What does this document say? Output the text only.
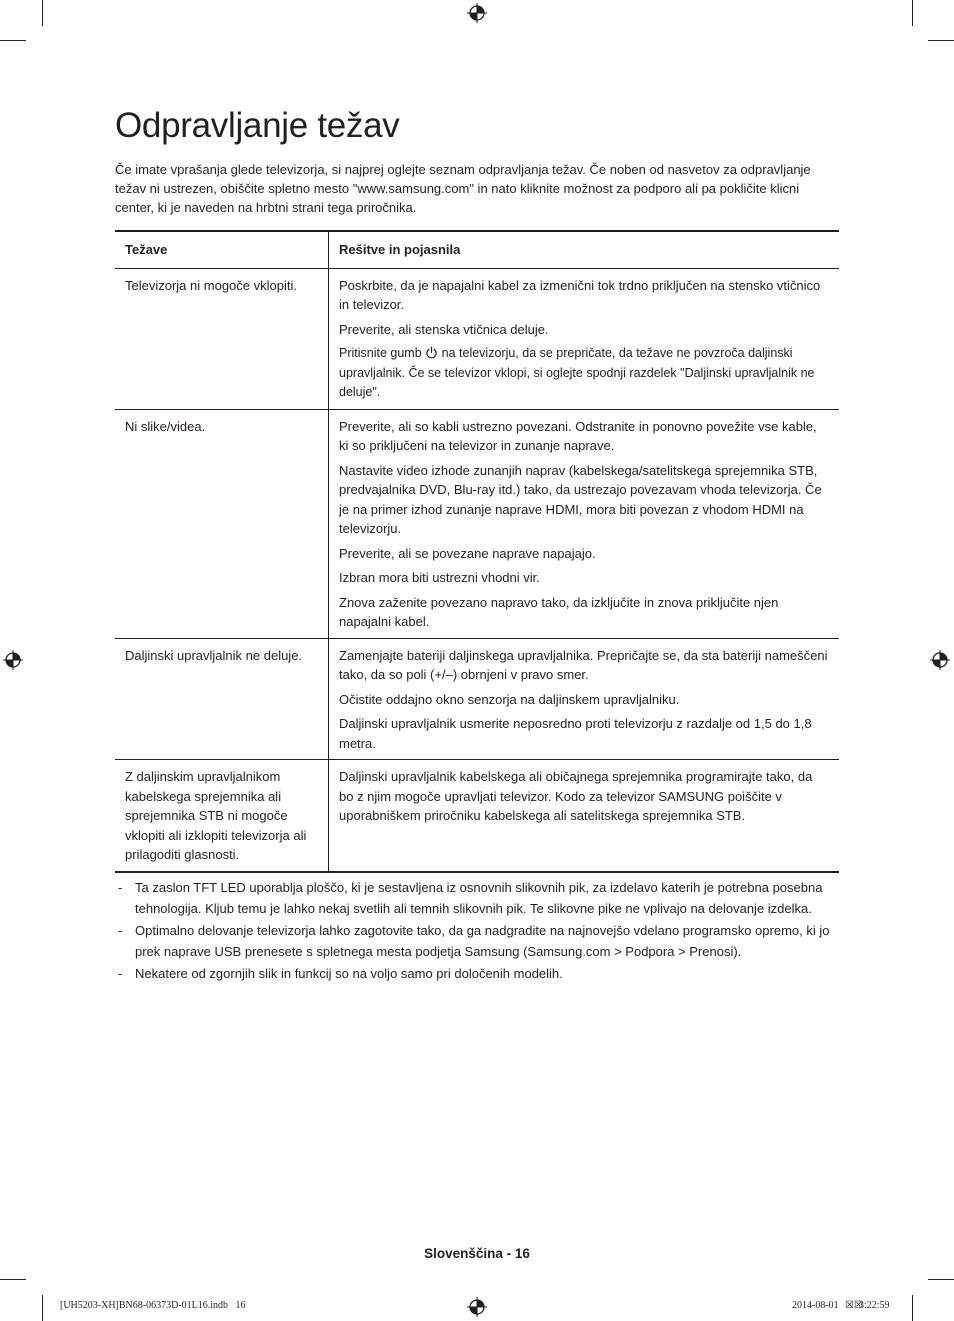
Odpravljanje težav

Če imate vprašanja glede televizorja, si najprej oglejte seznam odpravljanja težav. Če noben od nasvetov za odpravljanje težav ni ustrezen, obiščite spletno mesto "www.samsung.com" in nato kliknite možnost za podporo ali pa pokličite klicni center, ki je naveden na hrbtni strani tega priročnika.

Težave	Rešitve in pojasnila
Televizorja ni mogoče vklopiti.	Poskrbite, da je napajalni kabel za izmenični tok trdno priključen na stensko vtičnico in televizor.

Preverite, ali stenska vtičnica deluje.

Pritisnite gumb na televizorju, da se prepričate, da težave ne povzroča daljinski upravljalnik. Če se televizor vklopi, si oglejte spodnji razdelek "Daljinski upravljalnik ne deluje".

Ni slike/videa.	Preverite, ali so kabli ustrezno povezani. Odstranite in ponovno povežite vse kable, ki so priključeni na televizor in zunanje naprave.

Nastavite video izhode zunanjih naprav (kabelskega/satelitskega sprejemnika STB, predvajalnika DVD, Blu-ray itd.) tako, da ustrezajo povezavam vhoda televizorja. Če je na primer izhod zunanje naprave HDMI, mora biti povezan z vhodom HDMI na televizorju.

Preverite, ali se povezane naprave napajajo.

Izbran mora biti ustrezni vhodni vir.

Znova zaženite povezano napravo tako, da izključite in znova priključite njen napajalni kabel.

Daljinski upravljalnik ne deluje.	Zamenjajte bateriji daljinskega upravljalnika. Prepričajte se, da sta bateriji nameščeni tako, da so poli (+/–) obrnjeni v pravo smer.

Očistite oddajno okno senzorja na daljinskem upravljalniku.

Daljinski upravljalnik usmerite neposredno proti televizorju z razdalje od 1,5 do 1,8 metra.

Z daljinskim upravljalnikom kabelskega sprejemnika ali sprejemnika STB ni mogoče vklopiti ali izklopiti televizorja ali prilagoditi glasnosti.	Daljinski upravljalnik kabelskega ali običajnega sprejemnika programirajte tako, da bo z njim mogoče upravljati televizor. Kodo za televizor SAMSUNG poiščite v uporabniškem priročniku kabelskega ali satelitskega sprejemnika STB.

- Ta zaslon TFT LED uporablja ploščo, ki je sestavljena iz osnovnih slikovnih pik, za izdelavo katerih je potrebna posebna tehnologija. Kljub temu je lahko nekaj svetlih ali temnih slikovnih pik. Te slikovne pike ne vplivajo na delovanje izdelka.
- Optimalno delovanje televizorja lahko zagotovite tako, da ga nadgradite na najnovejšo vdelano programsko opremo, ki jo prek naprave USB prenesete s spletnega mesta podjetja Samsung (Samsung.com > Podpora > Prenosi).
- Nekatere od zgornjih slik in funkcij so na voljo samo pri določenih modelih.
Slovenščina - 16
[UH5203-XH]BN68-06373D-01L16.indb   16	2014-08-01 ☒☒
3:22:59
